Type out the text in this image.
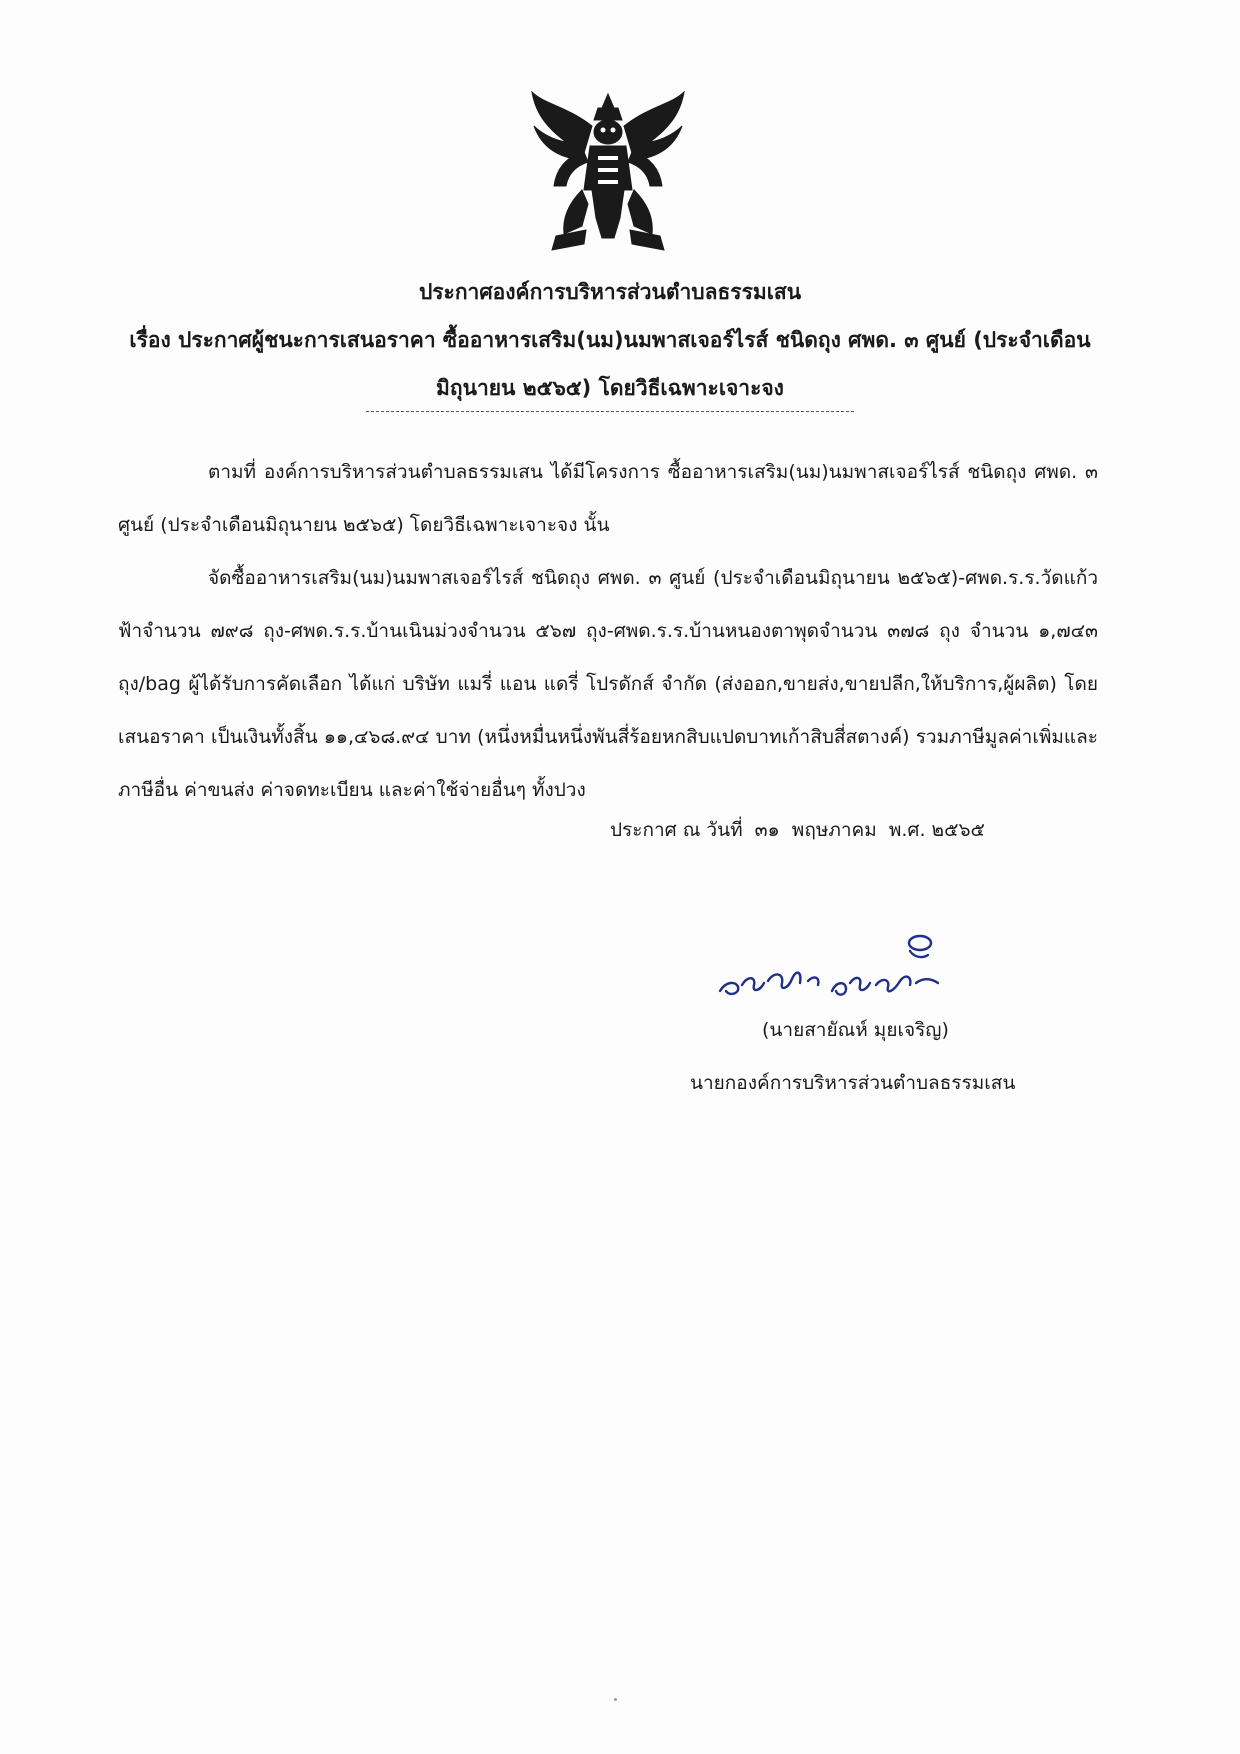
ประกาศองค์การบริหารส่วนตำบลธรรมเสน
เรื่อง ประกาศผู้ชนะการเสนอราคา ซื้ออาหารเสริม(นม)นมพาสเจอร์ไรส์ ชนิดถุง ศพด. ๓ ศูนย์ (ประจำเดือน
มิถุนายน ๒๕๖๕) โดยวิธีเฉพาะเจาะจง
ตามที่ องค์การบริหารส่วนตำบลธรรมเสน ได้มีโครงการ ซื้ออาหารเสริม(นม)นมพาสเจอร์ไรส์ ชนิดถุง ศพด. ๓ ศูนย์ (ประจำเดือนมิถุนายน ๒๕๖๕) โดยวิธีเฉพาะเจาะจง นั้น
จัดซื้ออาหารเสริม(นม)นมพาสเจอร์ไรส์ ชนิดถุง ศพด. ๓ ศูนย์ (ประจำเดือนมิถุนายน ๒๕๖๕)-ศพด.ร.ร.วัดแก้วฟ้าจำนวน ๗๙๘ ถุง-ศพด.ร.ร.บ้านเนินม่วงจำนวน ๕๖๗ ถุง-ศพด.ร.ร.บ้านหนองตาพุดจำนวน ๓๗๘ ถุง จำนวน ๑,๗๔๓ ถุง/bag ผู้ได้รับการคัดเลือก ได้แก่ บริษัท แมรี่ แอน แดรี่ โปรดักส์ จำกัด (ส่งออก,ขายส่ง,ขายปลีก,ให้บริการ,ผู้ผลิต) โดยเสนอราคา เป็นเงินทั้งสิ้น ๑๑,๔๖๘.๙๔ บาท (หนึ่งหมื่นหนึ่งพันสี่ร้อยหกสิบแปดบาทเก้าสิบสี่สตางค์) รวมภาษีมูลค่าเพิ่มและภาษีอื่น ค่าขนส่ง ค่าจดทะเบียน และค่าใช้จ่ายอื่นๆ ทั้งปวง
ประกาศ ณ วันที่  ๓๑  พฤษภาคม  พ.ศ. ๒๕๖๕
(นายสายัณห์ มุยเจริญ)
นายกองค์การบริหารส่วนตำบลธรรมเสน
